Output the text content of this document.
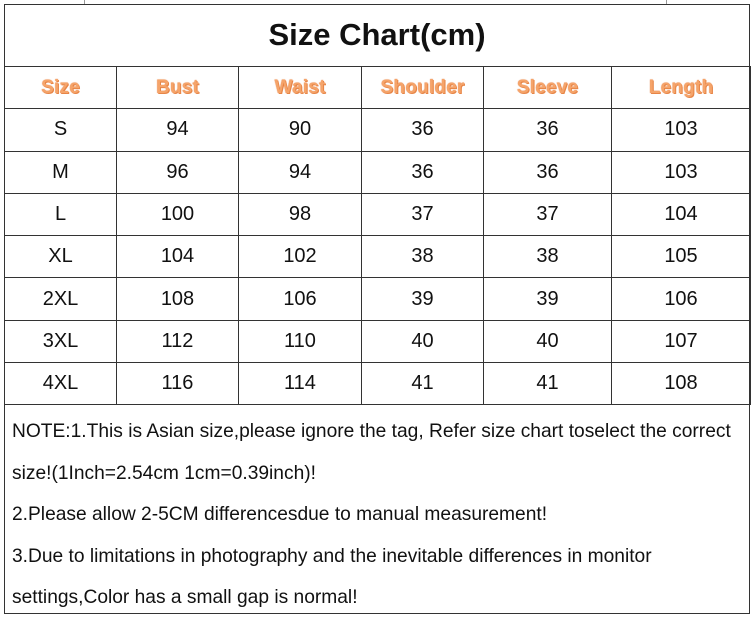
Size Chart(cm)
Size	Bust	Waist	Shoulder	Sleeve	Length
S	94	90	36	36	103
M	96	94	36	36	103
L	100	98	37	37	104
XL	104	102	38	38	105
2XL	108	106	39	39	106
3XL	112	110	40	40	107
4XL	116	114	41	41	108

NOTE:1.This is Asian size,please ignore the tag, Refer size chart toselect the correct size!(1Inch=2.54cm 1cm=0.39inch)!

2.Please allow 2-5CM differencesdue to manual measurement!

3.Due to limitations in photography and the inevitable differences in monitor settings,Color has a small gap is normal!
